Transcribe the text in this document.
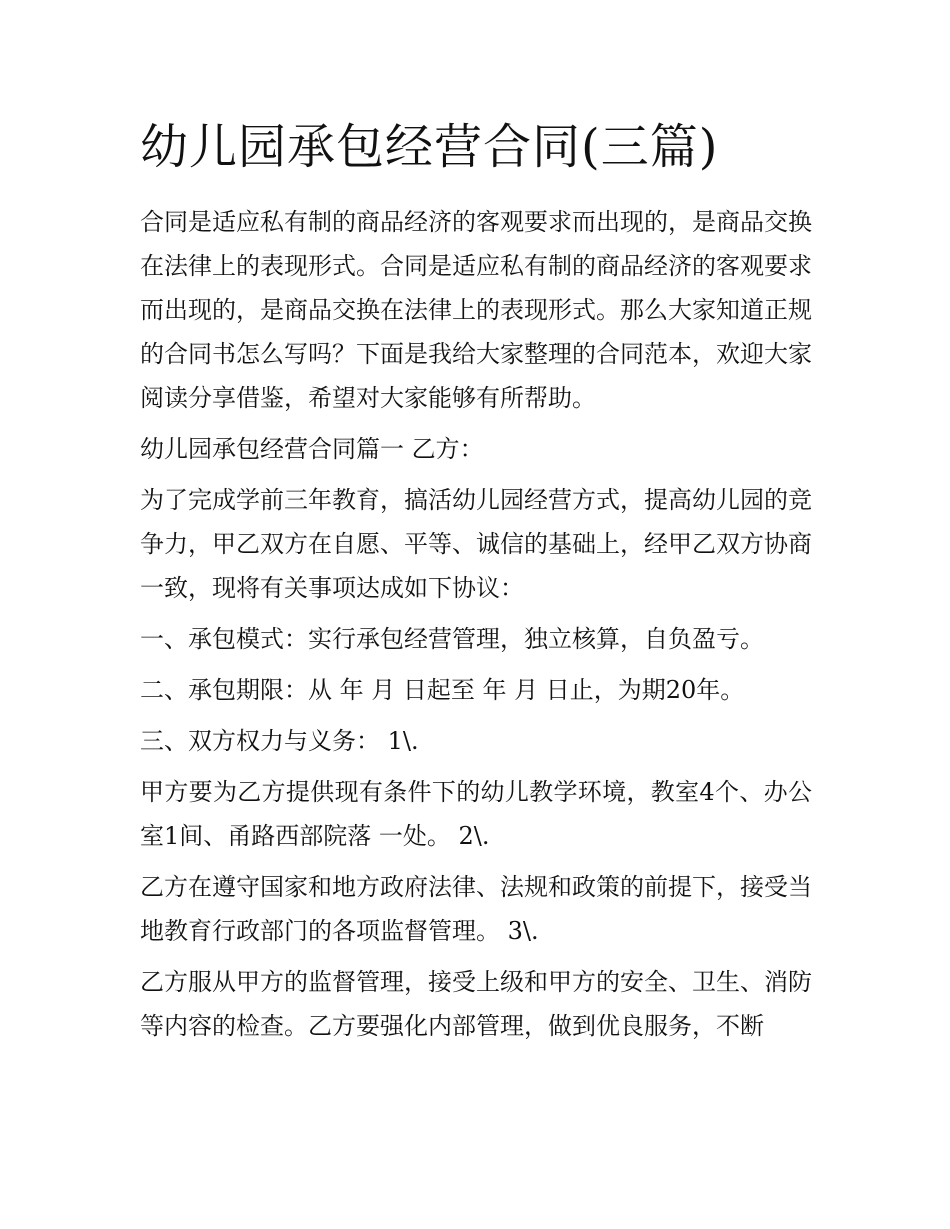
幼儿园承包经营合同(三篇)

合同是适应私有制的商品经济的客观要求而出现的，是商品交换在法律上的表现形式。合同是适应私有制的商品经济的客观要求而出现的，是商品交换在法律上的表现形式。那么大家知道正规的合同书怎么写吗？下面是我给大家整理的合同范本，欢迎大家阅读分享借鉴，希望对大家能够有所帮助。

幼儿园承包经营合同篇一 乙方：

为了完成学前三年教育，搞活幼儿园经营方式，提高幼儿园的竞争力，甲乙双方在自愿、平等、诚信的基础上，经甲乙双方协商一致，现将有关事项达成如下协议：

一、承包模式：实行承包经营管理，独立核算，自负盈亏。

二、承包期限：从 年 月 日起至 年 月 日止，为期20年。

三、双方权力与义务： 1\.

甲方要为乙方提供现有条件下的幼儿教学环境，教室4个、办公室1间、甬路西部院落 一处。 2\.

乙方在遵守国家和地方政府法律、法规和政策的前提下，接受当地教育行政部门的各项监督管理。 3\.

乙方服从甲方的监督管理，接受上级和甲方的安全、卫生、消防等内容的检查。乙方要强化内部管理，做到优良服务，不断
